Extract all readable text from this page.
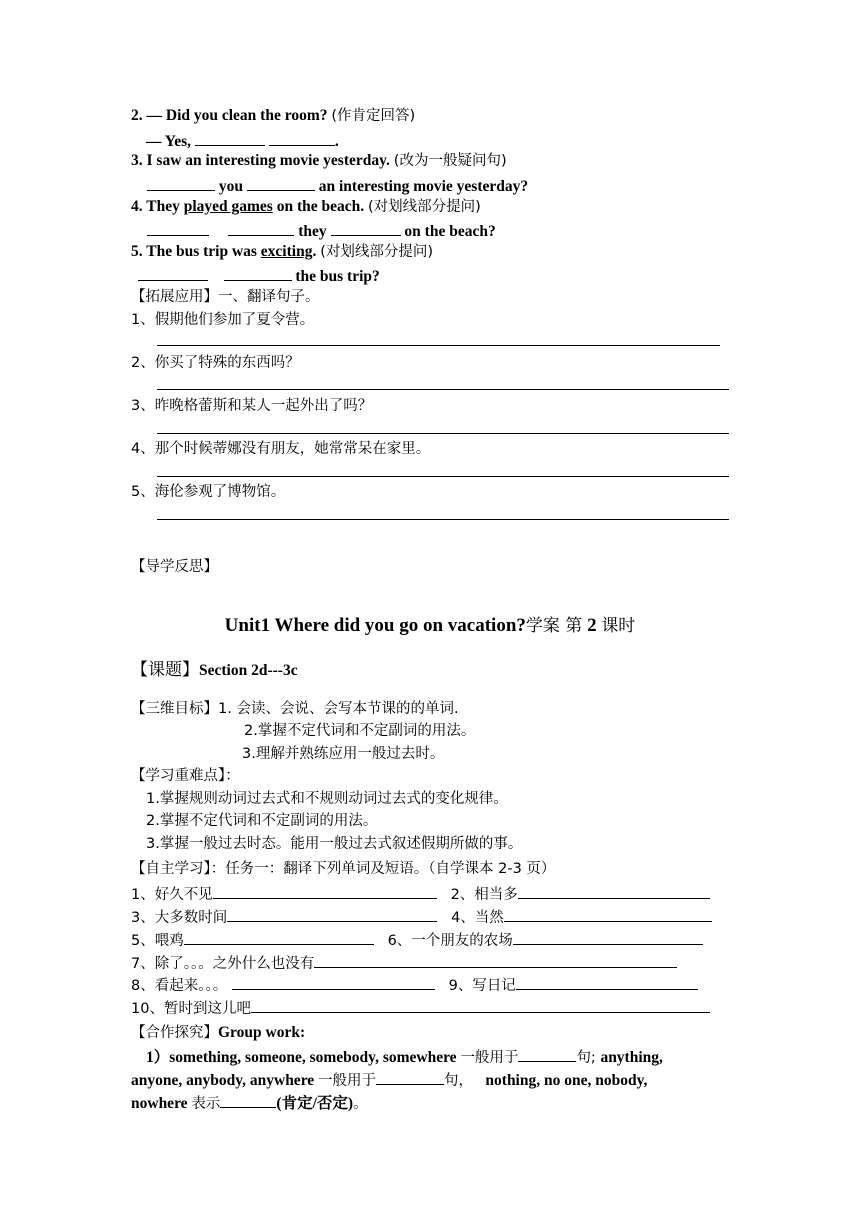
2. — Did you clean the room? (作肯定回答)
— Yes,	.
3. I saw an interesting movie yesterday. (改为一般疑问句)
you	an interesting movie yesterday?
4. They played games on the beach. (对划线部分提问)
they	on the beach?
5. The bus trip was exciting. (对划线部分提问)
the bus trip?
【拓展应用】一、翻译句子。
1、假期他们参加了夏令营。
2、你买了特殊的东西吗？
3、昨晚格蕾斯和某人一起外出了吗？
4、那个时候蒂娜没有朋友，她常常呆在家里。
5、海伦参观了博物馆。
【导学反思】
Unit1 Where did you go on vacation?学案 第 2 课时
【课题】Section 2d---3c
【三维目标】1. 会读、会说、会写本节课的的单词.
2.掌握不定代词和不定副词的用法。
3.理解并熟练应用一般过去时。
【学习重难点】：
1.掌握规则动词过去式和不规则动词过去式的变化规律。
2.掌握不定代词和不定副词的用法。
3.掌握一般过去时态。能用一般过去式叙述假期所做的事。
【自主学习】：任务一：翻译下列单词及短语。（自学课本 2-3 页）
1、好久不见	2、相当多
3、大多数时间	4、当然
5、喂鸡	6、一个朋友的农场
7、除了。。。之外什么也没有
8、看起来。。。	9、写日记
10、暂时到这儿吧
【合作探究】Group work:
1）something, someone, somebody, somewhere 一般用于	句; anything,
anyone, anybody, anywhere 一般用于	句，   nothing, no one, nobody,
nowhere 表示	(肯定/否定)。
